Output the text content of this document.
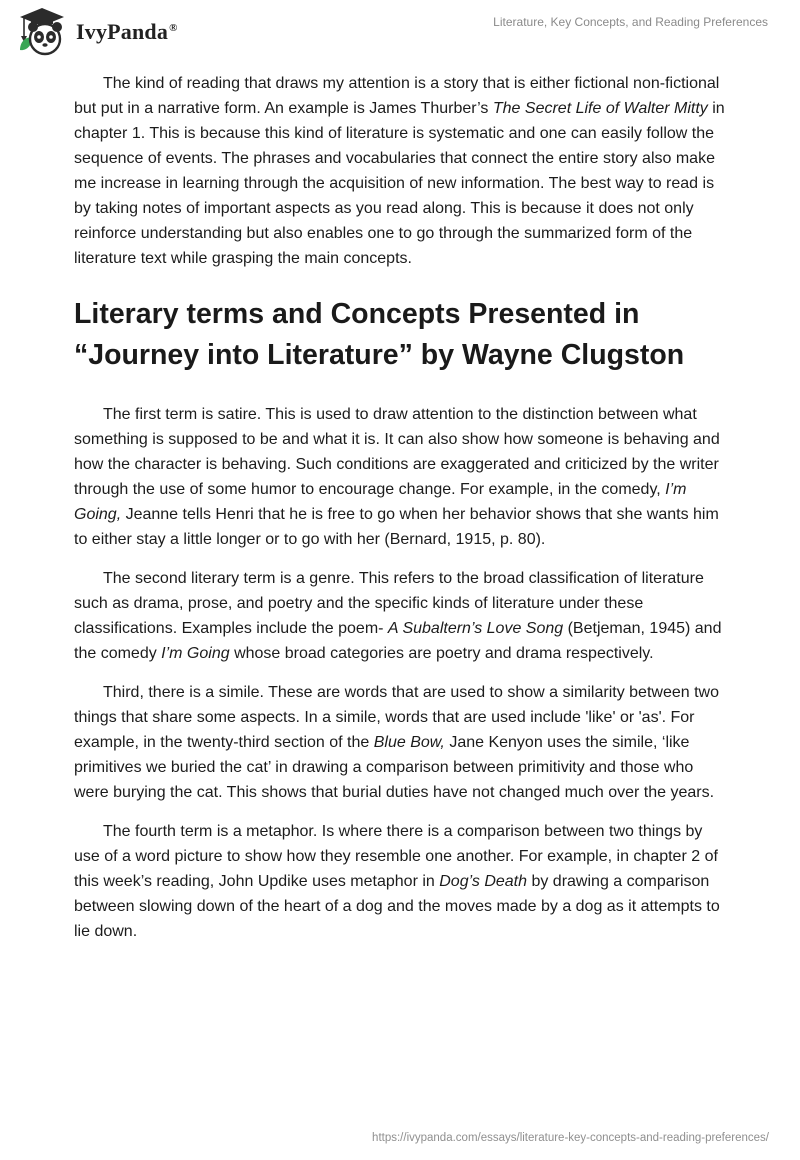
IvyPanda®	Literature, Key Concepts, and Reading Preferences

The kind of reading that draws my attention is a story that is either fictional non-fictional but put in a narrative form. An example is James Thurber’s The Secret Life of Walter Mitty in chapter 1. This is because this kind of literature is systematic and one can easily follow the sequence of events. The phrases and vocabularies that connect the entire story also make me increase in learning through the acquisition of new information. The best way to read is by taking notes of important aspects as you read along. This is because it does not only reinforce understanding but also enables one to go through the summarized form of the literature text while grasping the main concepts.

Literary terms and Concepts Presented in “Journey into Literature” by Wayne Clugston

The first term is satire. This is used to draw attention to the distinction between what something is supposed to be and what it is. It can also show how someone is behaving and how the character is behaving. Such conditions are exaggerated and criticized by the writer through the use of some humor to encourage change. For example, in the comedy, I’m Going, Jeanne tells Henri that he is free to go when her behavior shows that she wants him to either stay a little longer or to go with her (Bernard, 1915, p. 80).

The second literary term is a genre. This refers to the broad classification of literature such as drama, prose, and poetry and the specific kinds of literature under these classifications. Examples include the poem- A Subaltern’s Love Song (Betjeman, 1945) and the comedy I’m Going whose broad categories are poetry and drama respectively.

Third, there is a simile. These are words that are used to show a similarity between two things that share some aspects. In a simile, words that are used include 'like' or 'as'. For example, in the twenty-third section of the Blue Bow, Jane Kenyon uses the simile, ‘like primitives we buried the cat’ in drawing a comparison between primitivity and those who were burying the cat. This shows that burial duties have not changed much over the years.

The fourth term is a metaphor. Is where there is a comparison between two things by use of a word picture to show how they resemble one another. For example, in chapter 2 of this week’s reading, John Updike uses metaphor in Dog’s Death by drawing a comparison between slowing down of the heart of a dog and the moves made by a dog as it attempts to lie down.

https://ivypanda.com/essays/literature-key-concepts-and-reading-preferences/
